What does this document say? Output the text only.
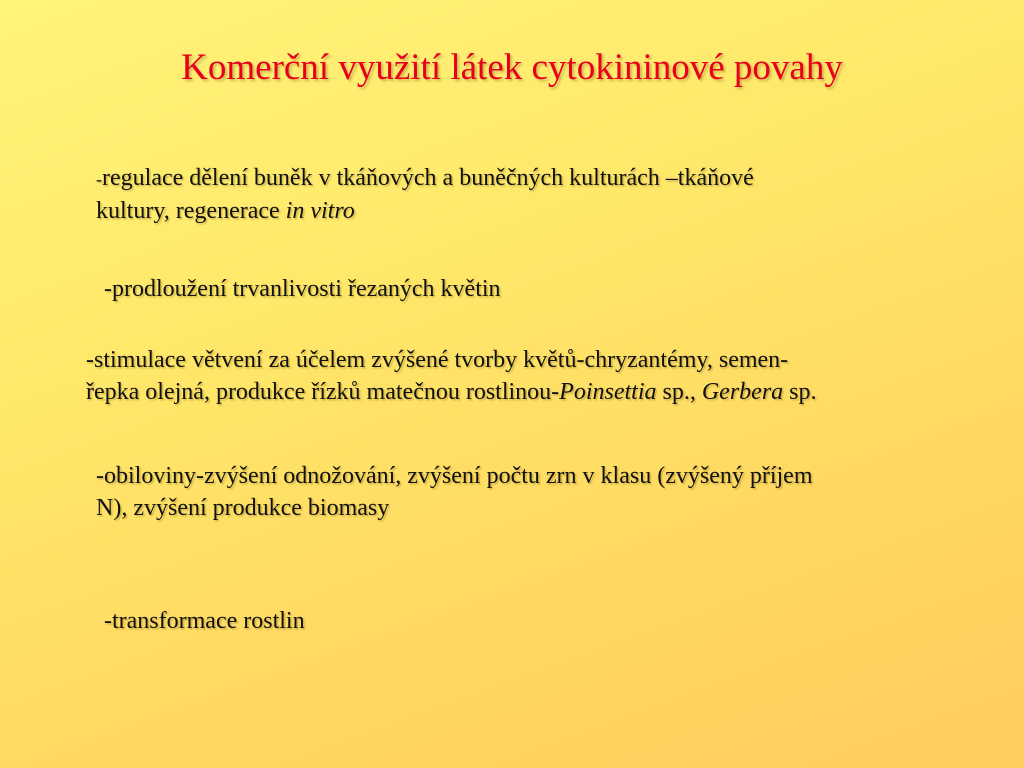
Komerční využití látek cytokininové povahy
-regulace dělení buněk v tkáňových a buněčných kulturách –tkáňové
kultury, regenerace in vitro
-prodloužení trvanlivosti řezaných květin
-stimulace větvení za účelem zvýšené tvorby květů-chryzantémy, semen-
řepka olejná, produkce řízků matečnou rostlinou-Poinsettia sp., Gerbera sp.
-obiloviny-zvýšení odnožování, zvýšení počtu zrn v klasu (zvýšený příjem
N), zvýšení produkce biomasy
-transformace rostlin
